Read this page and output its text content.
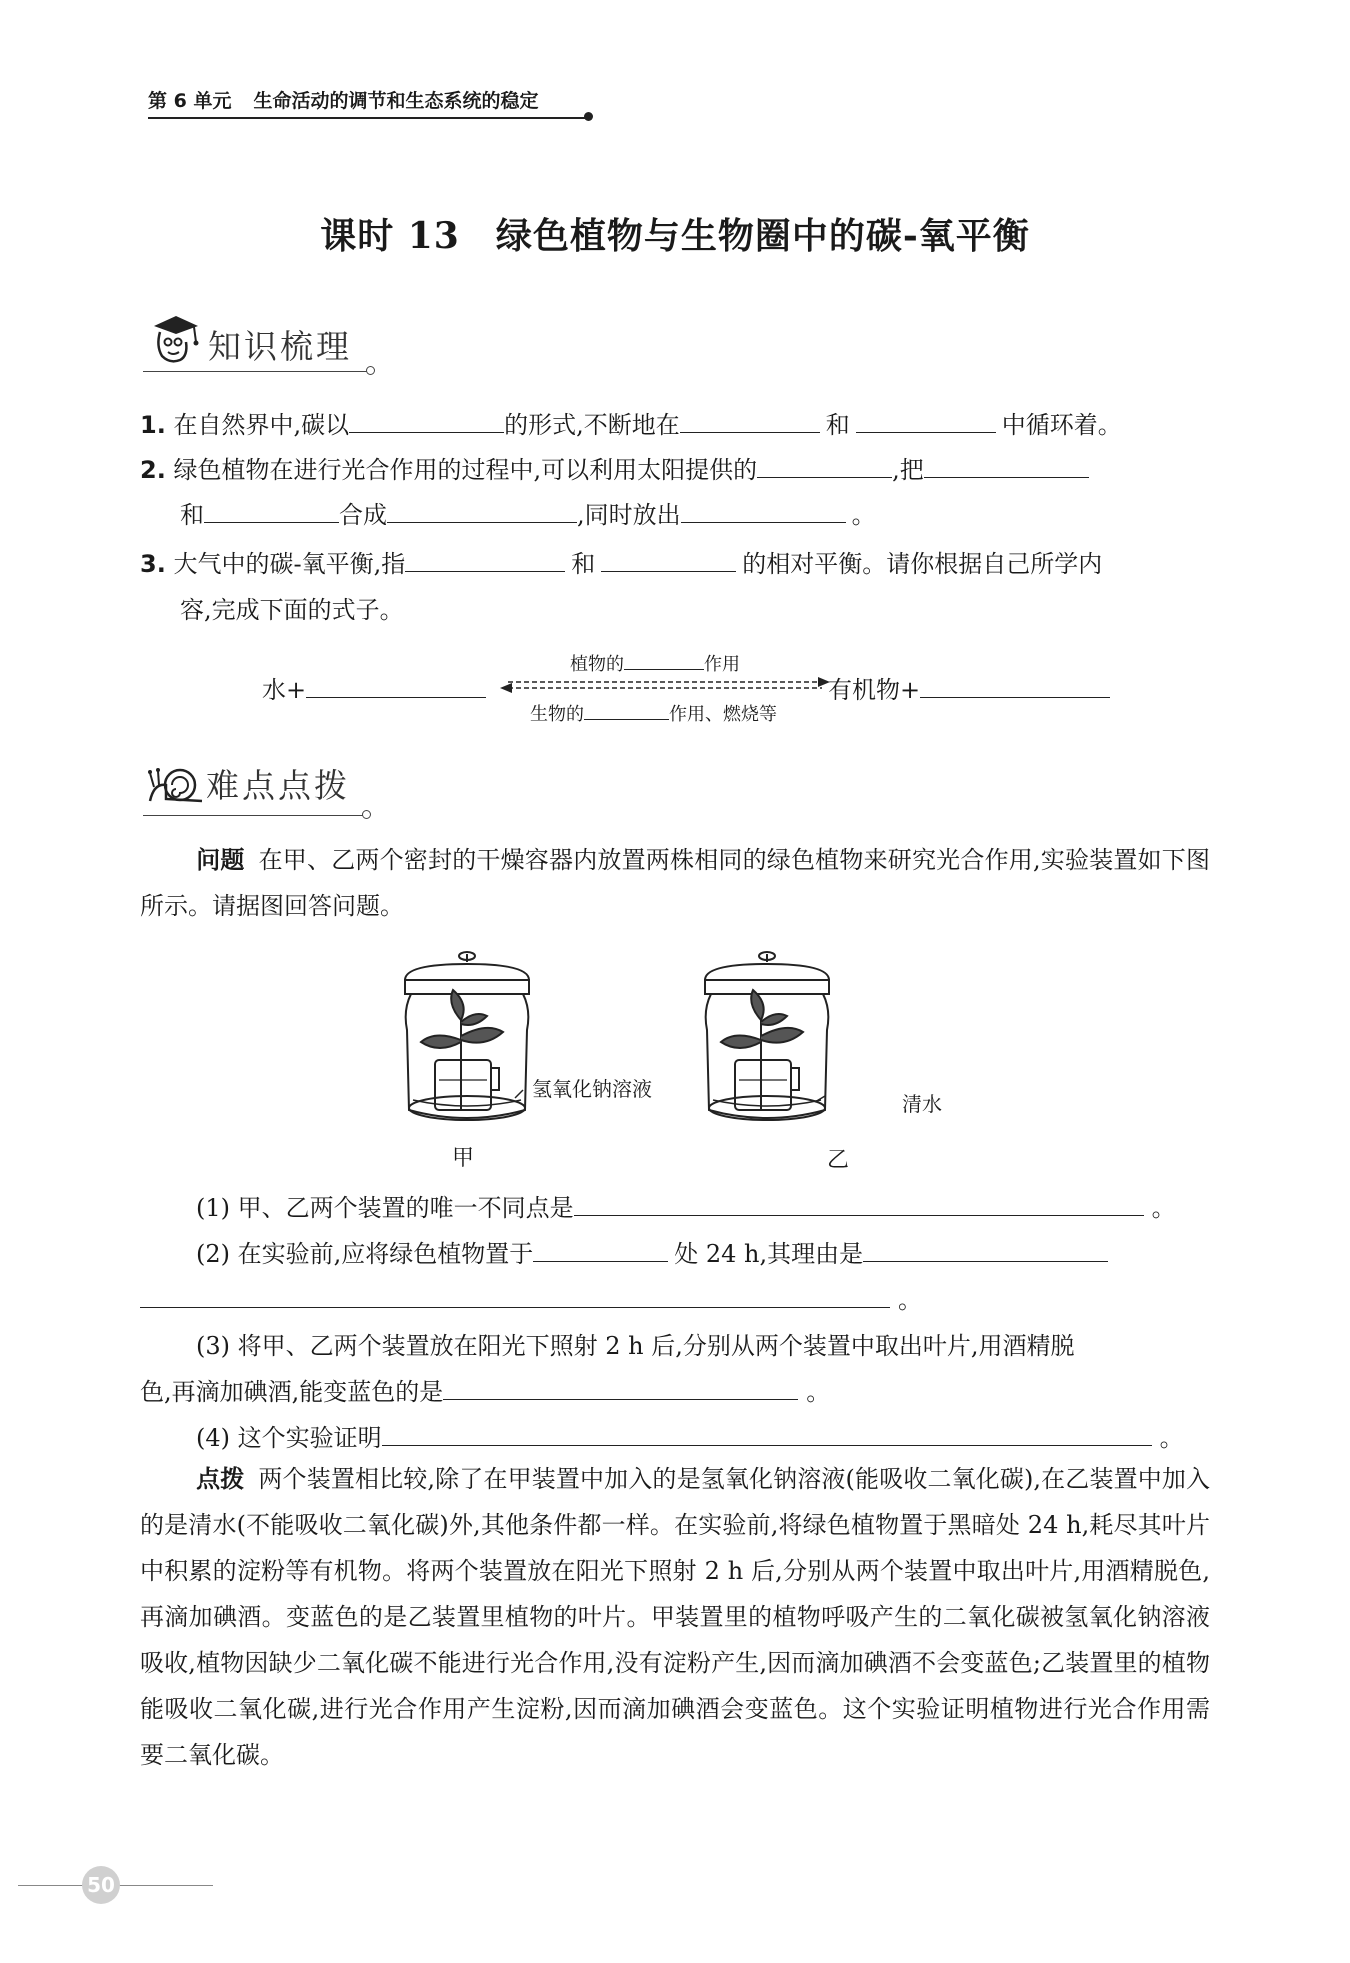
第 6 单元 生命活动的调节和生态系统的稳定
课时 13 绿色植物与生物圈中的碳-氧平衡
知识梳理
1. 在自然界中,碳以	的形式,不断地在	和	中循环着。
2. 绿色植物在进行光合作用的过程中,可以利用太阳提供的	,把
和	合成	,同时放出	。
3. 大气中的碳-氧平衡,指	和	的相对平衡。请你根据自己所学内
容,完成下面的式子。
植物的	作用
水+	有机物+
生物的	作用、燃烧等
难点点拨
问题 在甲、乙两个密封的干燥容器内放置两株相同的绿色植物来研究光合作用,实验装置如下图所示。请据图回答问题。
氢氧化钠溶液
甲
清水
乙
(1) 甲、乙两个装置的唯一不同点是	。
(2) 在实验前,应将绿色植物置于	处 24 h,其理由是
。
(3) 将甲、乙两个装置放在阳光下照射 2 h 后,分别从两个装置中取出叶片,用酒精脱
色,再滴加碘酒,能变蓝色的是	。
(4) 这个实验证明	。
点拨 两个装置相比较,除了在甲装置中加入的是氢氧化钠溶液(能吸收二氧化碳),在乙装置中加入的是清水(不能吸收二氧化碳)外,其他条件都一样。在实验前,将绿色植物置于黑暗处 24 h,耗尽其叶片中积累的淀粉等有机物。将两个装置放在阳光下照射 2 h 后,分别从两个装置中取出叶片,用酒精脱色,再滴加碘酒。变蓝色的是乙装置里植物的叶片。甲装置里的植物呼吸产生的二氧化碳被氢氧化钠溶液吸收,植物因缺少二氧化碳不能进行光合作用,没有淀粉产生,因而滴加碘酒不会变蓝色;乙装置里的植物能吸收二氧化碳,进行光合作用产生淀粉,因而滴加碘酒会变蓝色。这个实验证明植物进行光合作用需要二氧化碳。
50
